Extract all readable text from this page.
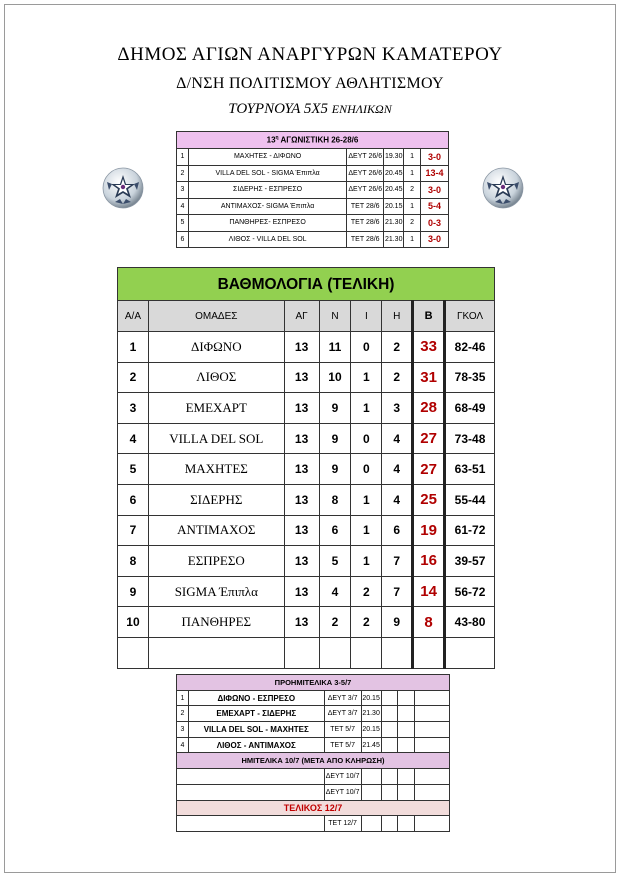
ΔΗΜΟΣ ΑΓΙΩΝ ΑΝΑΡΓΥΡΩΝ ΚΑΜΑΤΕΡΟΥ
Δ/ΝΣΗ ΠΟΛΙΤΙΣΜΟΥ ΑΘΛΗΤΙΣΜΟΥ
ΤΟΥΡΝΟΥΑ 5Χ5 ΕΝΗΛΙΚΩΝ
$13^\eta$ ΑΓΩΝΙΣΤΙΚΗ 26-28/6					
1	ΜΑΧΗΤΕΣ - ΔΙΦΩΝΟ	ΔΕΥΤ 26/6	19.30	1	3-0
2	VILLA DEL SOL - SIGMA Έπιπλα	ΔΕΥΤ 26/6	20.45	1	13-4
3	ΣΙΔΕΡΗΣ - ΕΣΠΡΕΣΟ	ΔΕΥΤ 26/6	20.45	2	3-0
4	ΑΝΤΙΜΑΧΟΣ- SIGMA Έπιπλα	ΤΕΤ 28/6	20.15	1	5-4
5	ΠΑΝΘΗΡΕΣ- ΕΣΠΡΕΣΟ	ΤΕΤ 28/6	21.30	2	0-3
6	ΛΙΘΟΣ - VILLA DEL SOL	ΤΕΤ 28/6	21.30	1	3-0
ΒΑΘΜΟΛΟΓΙΑ (ΤΕΛΙΚΗ)
Α/Α	ΟΜΑΔΕΣ	ΑΓ	Ν	Ι	Η	Β	ΓΚΟΛ
1	ΔΙΦΩΝΟ	13	11	0	2	33	82-46
2	ΛΙΘΟΣ	13	10	1	2	31	78-35
3	ΕΜΕΧΑΡΤ	13	9	1	3	28	68-49
4	VILLA DEL SOL	13	9	0	4	27	73-48
5	ΜΑΧΗΤΕΣ	13	9	0	4	27	63-51
6	ΣΙΔΕΡΗΣ	13	8	1	4	25	55-44
7	ΑΝΤΙΜΑΧΟΣ	13	6	1	6	19	61-72
8	ΕΣΠΡΕΣΟ	13	5	1	7	16	39-57
9	SIGMA Έπιπλα	13	4	2	7	14	56-72
10	ΠΑΝΘΗΡΕΣ	13	2	2	9	8	43-80

ΠΡΟΗΜΙΤΕΛΙΚΑ 3-5/7						
1	ΔΙΦΩΝΟ - ΕΣΠΡΕΣΟ	ΔΕΥΤ 3/7	20.15			
2	ΕΜΕΧΑΡΤ - ΣΙΔΕΡΗΣ	ΔΕΥΤ 3/7	21.30			
3	VILLA DEL SOL - ΜΑΧΗΤΕΣ	ΤΕΤ 5/7	20.15			
4	ΛΙΘΟΣ - ΑΝΤΙΜΑΧΟΣ	ΤΕΤ 5/7	21.45			
ΗΜΙΤΕΛΙΚΑ 10/7 (ΜΕΤΑ ΑΠΟ ΚΛΗΡΩΣΗ)						
		ΔΕΥΤ 10/7				
		ΔΕΥΤ 10/7				
ΤΕΛΙΚΟΣ 12/7						
		ΤΕΤ 12/7				
